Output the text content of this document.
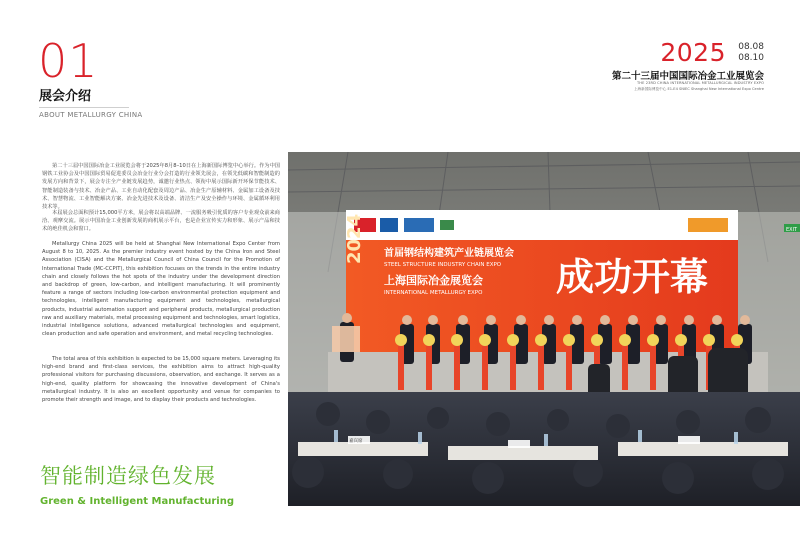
01
展会介绍
ABOUT METALLURGY CHINA
2025 08.08
08.10
第二十三届中国国际冶金工业展览会
THE 23RD CHINA INTERNATIONAL METALLURGICAL INDUSTRY EXPO
上海新国际博览中心 E1-E4 SNIEC Shanghai New International Expo Centre
第二十三届中国国际冶金工业展览会将于2025年8月8–10日在上海新国际博览中心举行。作为中国钢铁工业协会及中国国际贸易促进委员会冶金行业分会打造的行业领先展会，在领先低碳和智能制造的发展方向和背景下，展会专注全产业链发展趋势，诚邀行业热点、领衔中展示国际新开环保节能技术、智能制造装备与技术、冶金产品、工业自动化配套及周边产品、冶金生产原辅材料、金属加工设备及技术、智慧物流、工业智能解决方案、冶金先进技术及设备、清洁生产及安全操作与环境、金属循环利用技术等。
本届展会总面积预计15,000平方米，展会将以高端品牌、一流服务吸引优质的客户专业观众前来商洽、观摩交流。展示中国冶金工业创新发展的商机展示平台，也是企业宣传实力和形象、展示产品和技术的绝佳机会和窗口。
Metallurgy China 2025 will be held at Shanghai New International Expo Center from August 8 to 10, 2025. As the premier industry event hosted by the China Iron and Steel Association (CISA) and the Metallurgical Council of China Council for the Promotion of International Trade (MC-CCPIT), this exhibition focuses on the trends in the entire industry chain and closely follows the hot spots of the industry under the development direction and backdrop of green, low-carbon, and intelligent manufacturing. It will prominently feature a range of sectors including low-carbon environmental protection equipment and technologies, intelligent manufacturing equipment and technologies, metallurgical products, industrial automation support and peripheral products, metallurgical production raw and auxiliary materials, metal processing equipment and technologies, smart logistics, industrial intelligence solutions, advanced metallurgical technologies and equipment, clean production and safe operation and environment, and metal recycling technologies.
The total area of this exhibition is expected to be 15,000 square meters. Leveraging its high-end brand and first-class services, the exhibition aims to attract high-quality professional visitors for purchasing discussions, observation, and exchange. It serves as a high-end, quality platform for showcasing the innovative development of China's metallurgical industry. It is also an excellent opportunity and venue for companies to promote their strength and image, and to display their products and technologies.
智能制造绿色发展
Green & Intelligent Manufacturing
EXIT
2024 首届钢结构建筑产业链展览会
STEEL STRUCTURE INDUSTRY CHAIN EXPO
上海国际冶金展览会
INTERNATIONAL METALLURGY EXPO 成功开幕
嘉宾席
